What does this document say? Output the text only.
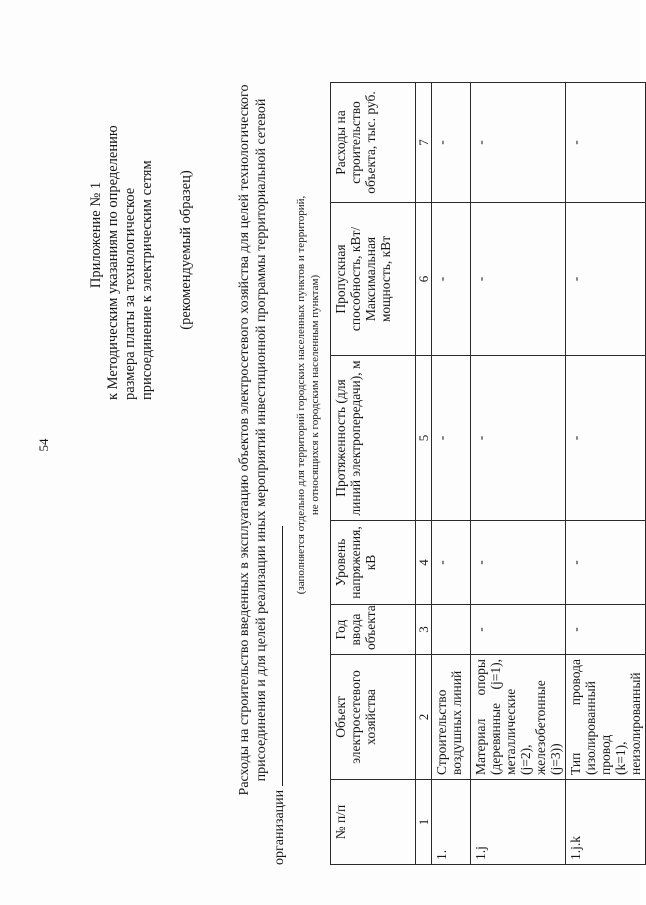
54
Приложение № 1 к Методическим указаниям по определению размера платы за технологическое присоединение к электрическим сетям (рекомендуемый образец)	Расходы на строительство введенных в эксплуатацию объектов электросетевого хозяйства для целей технологического присоединения и для целей реализации иных мероприятий инвестиционной программы территориальной сетевой
организации
(заполняется отдельно для территорий городских населенных пунктов и территорий, не относящихся к городским населенным пунктам)
№ п/п	Объект электросетевого хозяйства	Год ввода объекта	Уровень напряжения, кВ	Протяженность (для линий электропередачи), м	Пропускная способность, кВт/ Максимальная мощность, кВт	Расходы на строительство объекта, тыс. руб.
1	2	3	4	5	6	7
1.	Строительство воздушных линий		-	-	-	-
1.j	Материал опоры (деревянные (j=1), металлические (j=2), железобетонные (j=3))	-	-	-	-	-
1.j.k	Тип провода (изолированный провод (k=1), неизолированный	-	-	-	-	-
